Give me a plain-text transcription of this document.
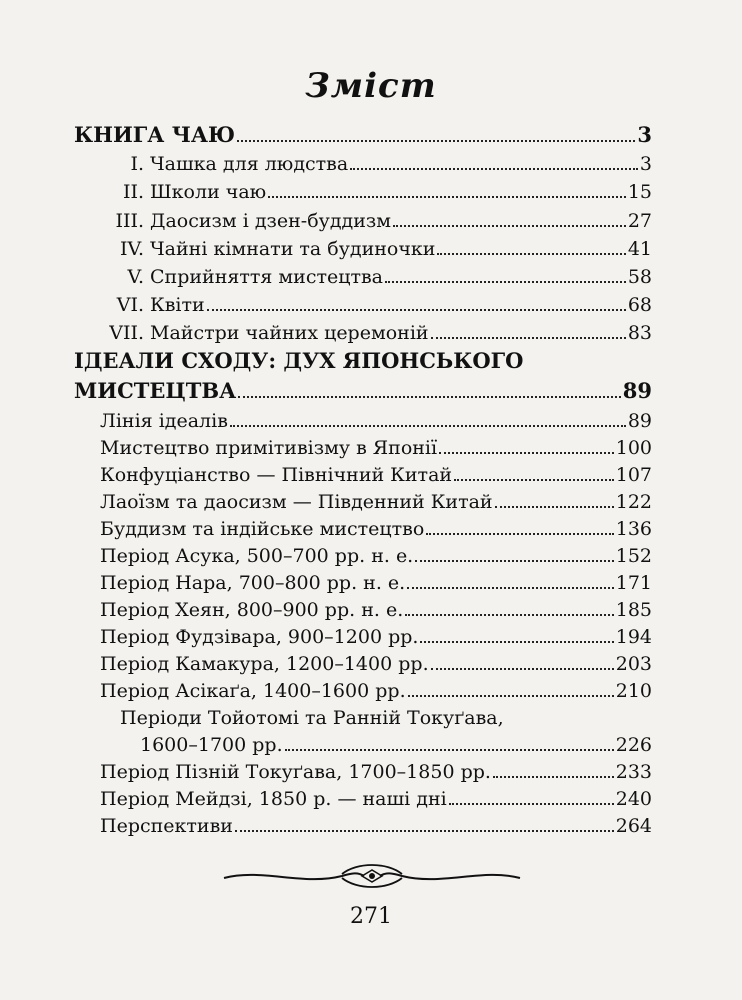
Зміст
КНИГА ЧАЮ	3
I. Чашка для людства	3
II. Школи чаю	15
III. Даосизм і дзен-буддизм	27
IV. Чайні кімнати та будиночки	41
V. Сприйняття мистецтва	58
VI. Квіти	68
VII. Майстри чайних церемоній	83
ІДЕАЛИ СХОДУ: ДУХ ЯПОНСЬКОГО
МИСТЕЦТВА	89
Лінія ідеалів	89
Мистецтво примітивізму в Японії	100
Конфуціанство — Північний Китай	107
Лаоїзм та даосизм — Південний Китай	122
Буддизм та індійське мистецтво	136
Період Асука, 500–700 рр. н. е.	152
Період Нара, 700–800 рр. н. е.	171
Період Хеян, 800–900 рр. н. е.	185
Період Фудзівара, 900–1200 рр.	194
Період Камакура, 1200–1400 рр.	203
Період Асікаґа, 1400–1600 рр.	210
Періоди Тойотомі та Ранній Токуґава,
1600–1700 рр.	226
Період Пізній Токуґава, 1700–1850 рр.	233
Період Мейдзі, 1850 р. — наші дні	240
Перспективи	264
271
